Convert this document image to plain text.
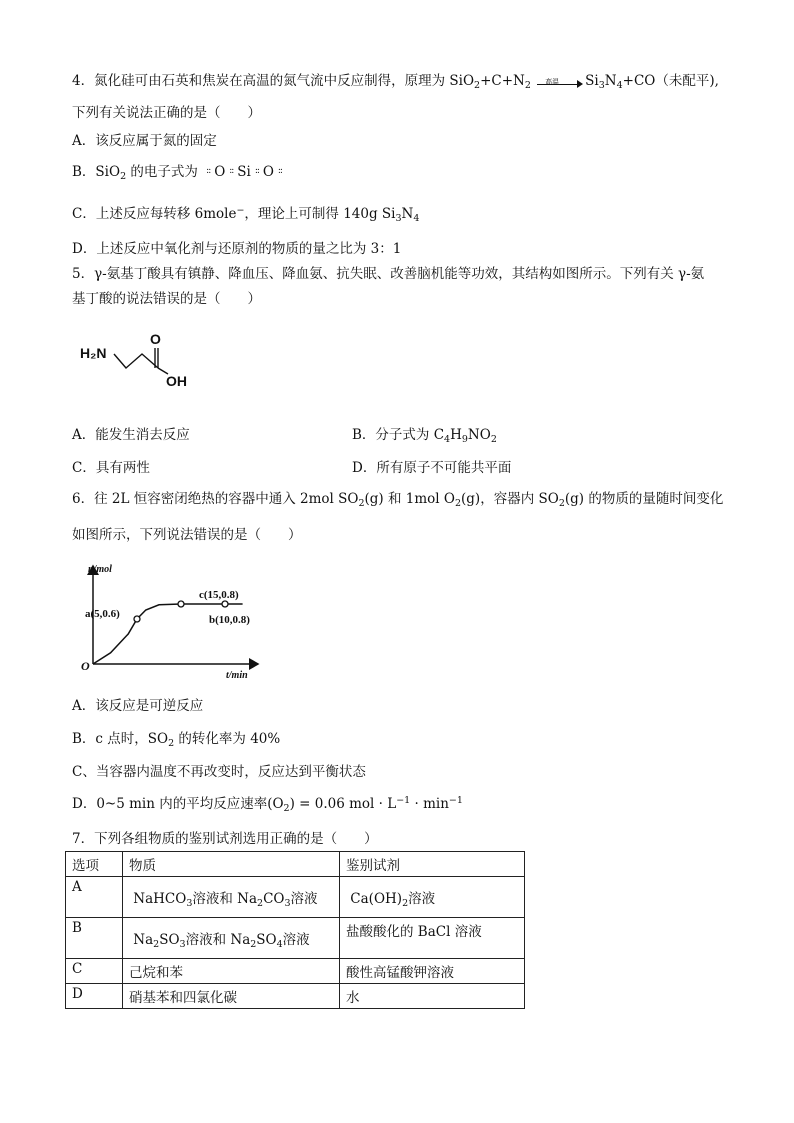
4．氮化硅可由石英和焦炭在高温的氮气流中反应制得，原理为 $SiO_2+C+N_2$ 高温 $Si_3N_4+CO$（未配平),
下列有关说法正确的是（　　）
A．该反应属于氮的固定
B．SiO$_2$ 的电子式为 :: O :: Si :: O ::
C．上述反应每转移 6mole−，理论上可制得 140g $Si_3N_4$
D．上述反应中氧化剂与还原剂的物质的量之比为 3：1
5．γ-氨基丁酸具有镇静、降血压、降血氨、抗失眠、改善脑机能等功效，其结构如图所示。下列有关 γ-氨
基丁酸的说法错误的是（　　）
H₂N
O
OH
A．能发生消去反应	B．分子式为 $C_4H_9NO_2$
C．具有两性	D．所有原子不可能共平面
6．往 2L 恒容密闭绝热的容器中通入 2mol $SO_2(g)$ 和 1mol $O_2(g)$，容器内 $SO_2(g)$ 的物质的量随时间变化
如图所示，下列说法错误的是（　　）
n/mol
t/min
O
a(5,0.6)	b(10,0.8)
c(15,0.8)
A．该反应是可逆反应
B．c 点时，$SO_2$ 的转化率为 40%
C、当容器内温度不再改变时，反应达到平衡状态
D．0~5 min 内的平均反应速率$(O_2) = 0.06$ mol · $L^{-1} \cdot \min^{-1}$
7．下列各组物质的鉴别试剂选用正确的是（　　）
选项	物质	鉴别试剂
A	NaHCO$_3$溶液和 $Na_2CO_3$溶液	$Ca(OH)_2$溶液

B	$Na_2SO_3$溶液和 $Na_2SO_4$溶液	盐酸酸化的 BaCl 溶液
C	己烷和苯	酸性高锰酸钾溶液
D	硝基苯和四氯化碳	水
